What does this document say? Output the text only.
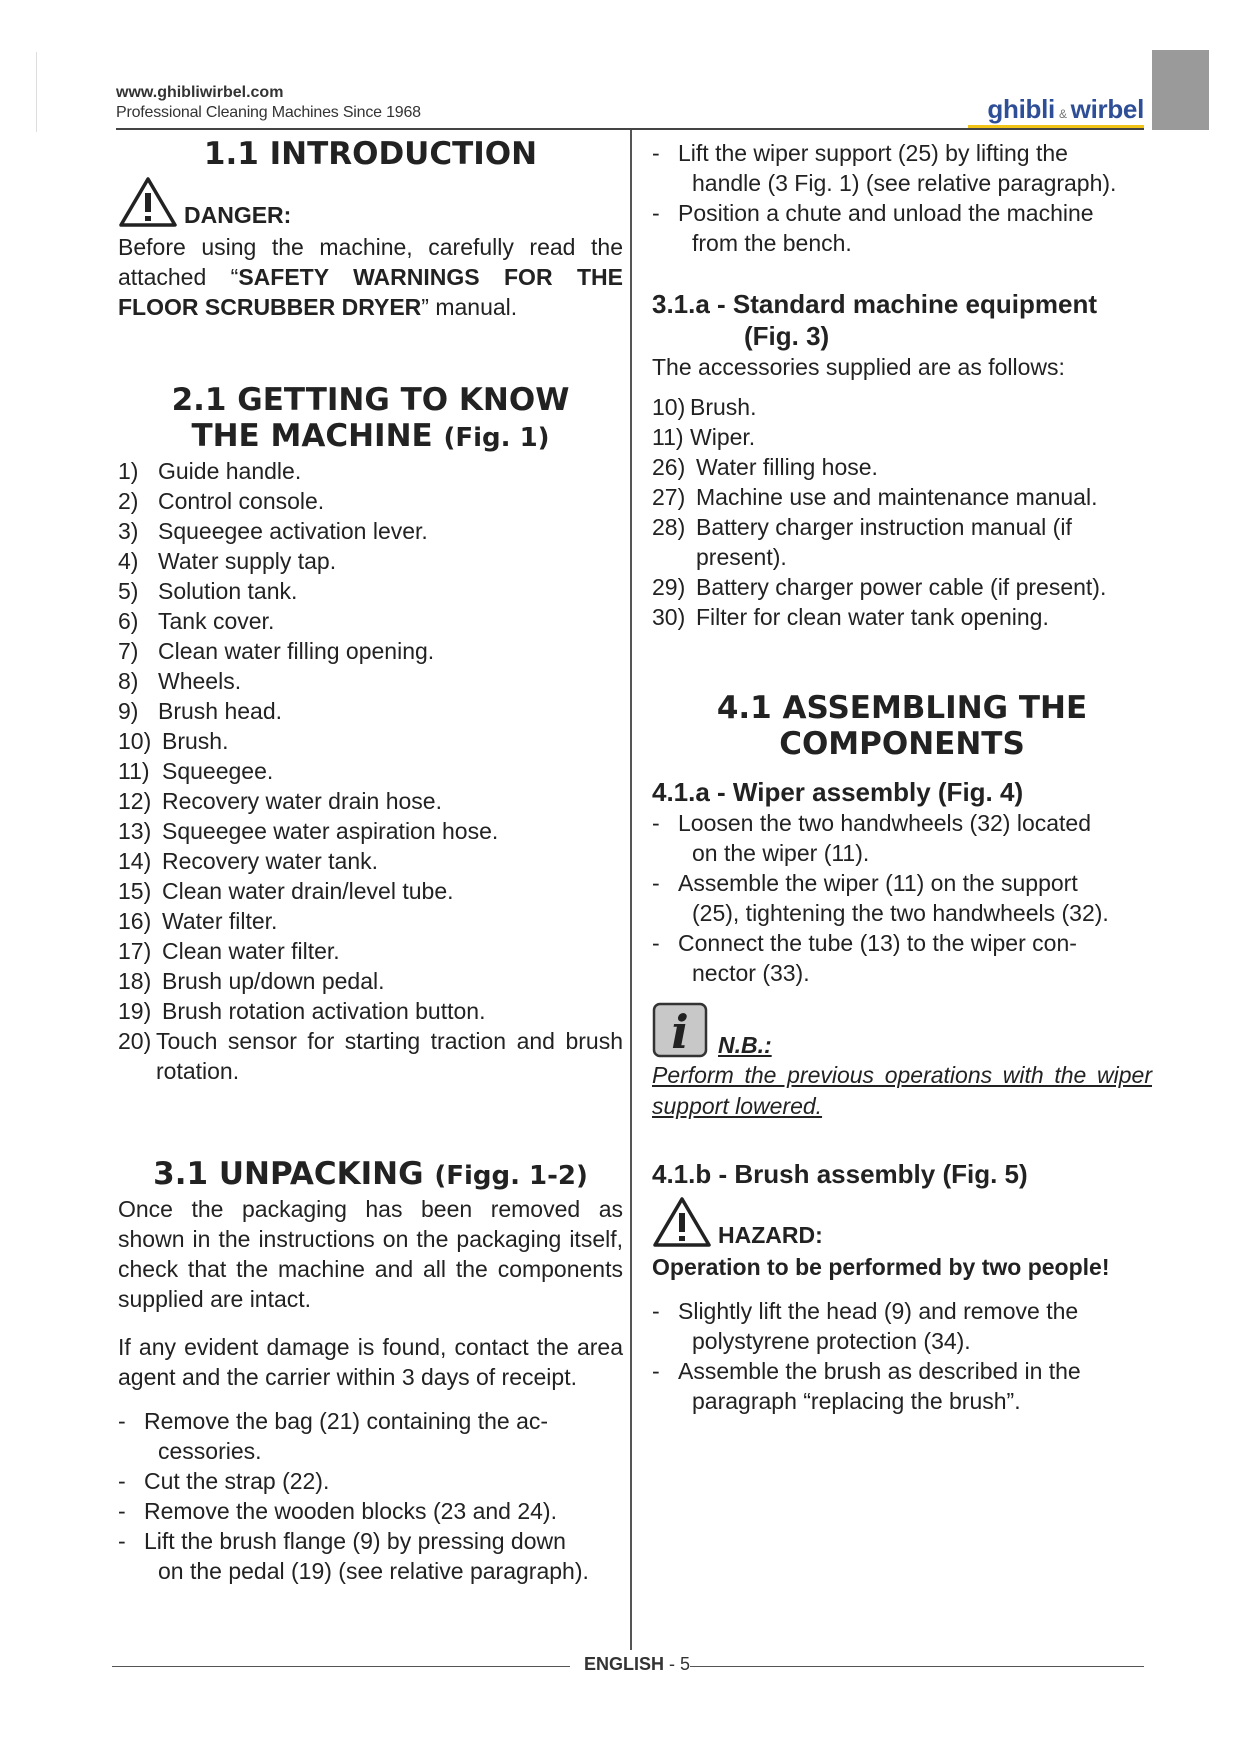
www.ghibliwirbel.com
Professional Cleaning Machines Since 1968	ghibli & wirbel
1.1 INTRODUCTION
DANGER:

Before using the machine, carefully read the attached “SAFETY WARNINGS FOR THE FLOOR SCRUBBER DRYER” manual.

2.1 GETTING TO KNOW
THE MACHINE (Fig. 1)
1) Guide handle.
2) Control console.
3) Squeegee activation lever.
4) Water supply tap.
5) Solution tank.
6) Tank cover.
7) Clean water filling opening.
8) Wheels.
9) Brush head.
10) Brush.
11) Squeegee.
12) Recovery water drain hose.
13) Squeegee water aspiration hose.
14) Recovery water tank.
15) Clean water drain/level tube.
16) Water filter.
17) Clean water filter.
18) Brush up/down pedal.
19) Brush rotation activation button.
20) Touch sensor for starting traction and brush rotation.
3.1 UNPACKING (Figg. 1-2)

Once the packaging has been removed as shown in the instructions on the packaging itself, check that the machine and all the components supplied are intact.

If any evident damage is found, contact the area agent and the carrier within 3 days of receipt.

- Remove the bag (21) containing the ac-
cessories.
- Cut the strap (22).
- Remove the wooden blocks (23 and 24).
- Lift the brush flange (9) by pressing down
on the pedal (19) (see relative paragraph).
- Lift the wiper support (25) by lifting the
handle (3 Fig. 1) (see relative paragraph).
- Position a chute and unload the machine
from the bench.
3.1.a - Standard machine equipment
(Fig. 3)

The accessories supplied are as follows:

10) Brush.
11) Wiper.
26) Water filling hose.
27) Machine use and maintenance manual.
28) Battery charger instruction manual (if present).
29) Battery charger power cable (if present).
30) Filter for clean water tank opening.
4.1 ASSEMBLING THE
COMPONENTS
4.1.a - Wiper assembly (Fig. 4)
- Loosen the two handwheels (32) located
on the wiper (11).
- Assemble the wiper (11) on the support
(25), tightening the two handwheels (32).
- Connect the tube (13) to the wiper con-
nector (33).
i N.B.:

Perform the previous operations with the wiper support lowered.

4.1.b - Brush assembly (Fig. 5)
HAZARD:

Operation to be performed by two people!

- Slightly lift the head (9) and remove the
polystyrene protection (34).
- Assemble the brush as described in the
paragraph “replacing the brush”.
ENGLISH - 5
